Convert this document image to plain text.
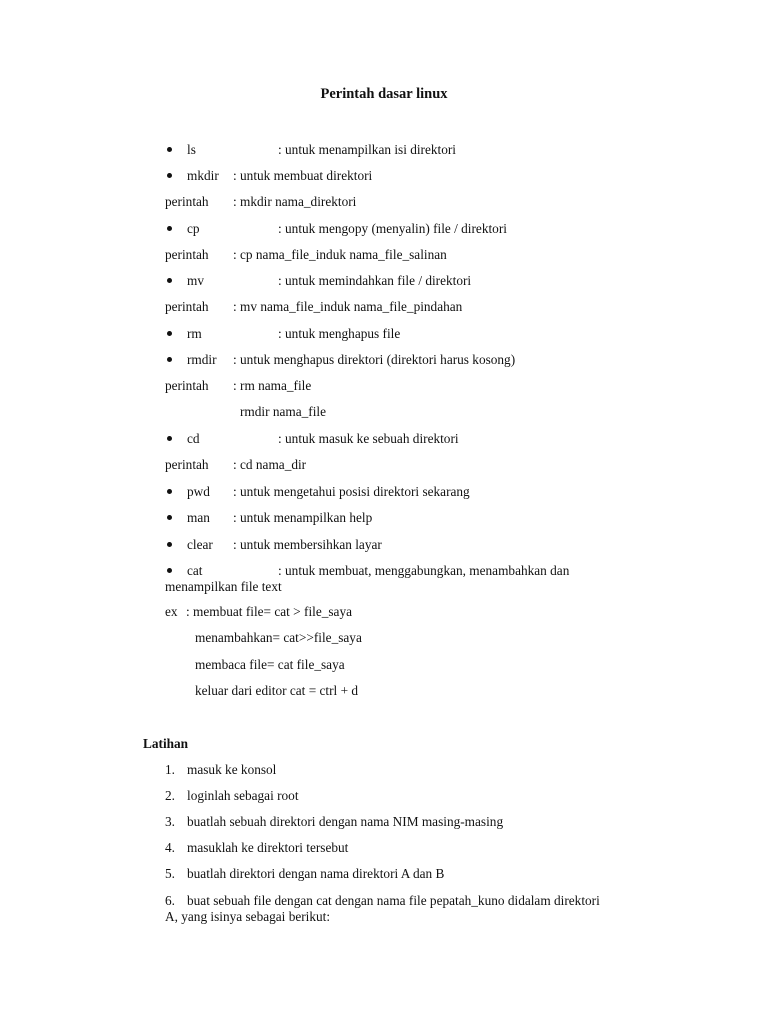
Perintah dasar linux
ls	: untuk menampilkan isi direktori
mkdir : untuk membuat direktori
perintah : mkdir nama_direktori
cp	: untuk mengopy (menyalin) file / direktori
perintah : cp nama_file_induk nama_file_salinan
mv	: untuk memindahkan file / direktori
perintah : mv nama_file_induk nama_file_pindahan
rm	: untuk menghapus file
rmdir : untuk menghapus direktori (direktori harus kosong)
perintah : rm nama_file
rmdir nama_file
cd	: untuk masuk ke sebuah direktori
perintah : cd nama_dir
pwd : untuk mengetahui posisi direktori sekarang
man : untuk menampilkan help
clear : untuk membersihkan layar
cat	: untuk membuat, menggabungkan, menambahkan dan
menampilkan file text
ex : membuat file= cat > file_saya
menambahkan= cat>>file_saya
membaca file= cat file_saya
keluar dari editor cat = ctrl + d
Latihan
1. masuk ke konsol
2. loginlah sebagai root
3. buatlah sebuah direktori dengan nama NIM masing-masing
4. masuklah ke direktori tersebut
5. buatlah direktori dengan nama direktori A dan B
6. buat sebuah file dengan cat dengan nama file pepatah_kuno didalam direktori
A, yang isinya sebagai berikut:
